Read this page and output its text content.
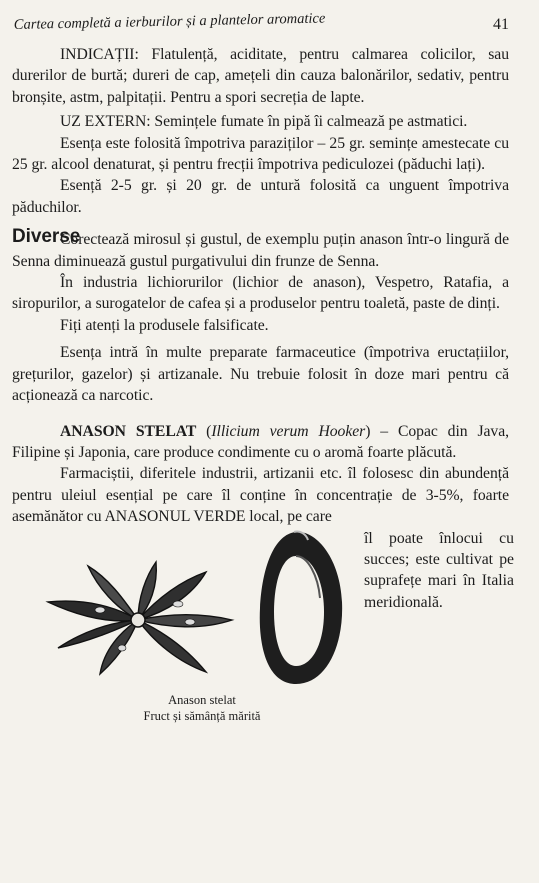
Cartea completă a ierburilor și a plantelor aromatice	41

INDICAȚII: Flatulență, aciditate, pentru calmarea colicilor, sau durerilor de burtă; dureri de cap, amețeli din cauza balonărilor, sedativ, pentru bronșite, astm, palpitații. Pentru a spori secreția de lapte.

UZ EXTERN: Semințele fumate în pipă îi calmează pe astmatici.

Esența este folosită împotriva paraziților – 25 gr. semințe amestecate cu 25 gr. alcool denaturat, și pentru frecții împotriva pediculozei (păduchi lați).

Esență 2-5 gr. și 20 gr. de untură folosită ca unguent împotriva păduchilor.

Diverse

Corectează mirosul și gustul, de exemplu puțin anason într-o lingură de Senna diminuează gustul purgativului din frunze de Senna.

În industria lichiorurilor (lichior de anason), Vespetro, Ratafia, a siropurilor, a surogatelor de cafea și a produselor pentru toaletă, paste de dinți.

Fiți atenți la produsele falsificate.

Esența intră în multe preparate farmaceutice (împotriva eructațiilor, grețurilor, gazelor) și artizanale. Nu trebuie folosit în doze mari pentru că acționează ca narcotic.

ANASON STELAT (Illicium verum Hooker) – Copac din Java, Filipine și Japonia, care produce condimente cu o aromă foarte plăcută.

Farmaciștii, diferitele industrii, artizanii etc. îl folosesc din abundență pentru uleiul esențial pe care îl conține în concentrație de 3-5%, foarte asemănător cu ANASONUL VERDE local, pe care

îl poate înlocui cu succes; este cultivat pe suprafețe mari în Italia meridională.
Anason stelat
Fruct și sămânță mărită
